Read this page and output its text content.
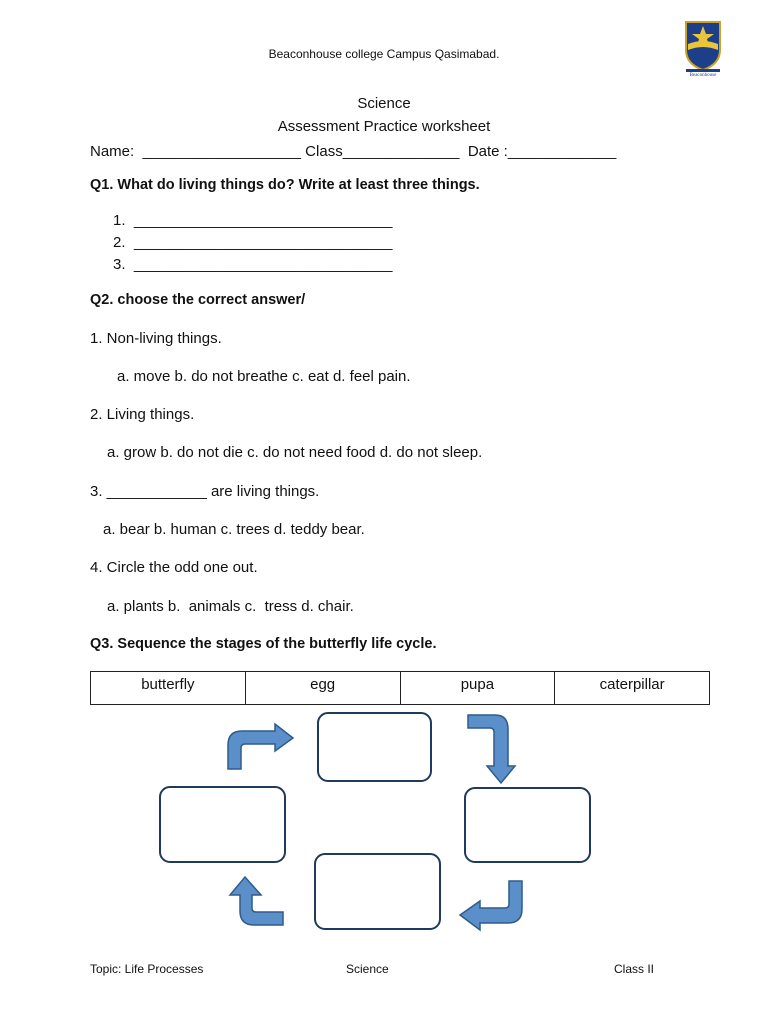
Beaconhouse college Campus Qasimabad.
Beaconhouse
Science
Assessment Practice worksheet
Name:  ___________________ Class______________  Date :_____________
Q1. What do living things do? Write at least three things.
1.  _______________________________
2.  _______________________________
3.  _______________________________
Q2. choose the correct answer/
1. Non-living things.
a. move b. do not breathe c. eat d. feel pain.
2. Living things.
a. grow b. do not die c. do not need food d. do not sleep.
3. ____________ are living things.
a. bear b. human c. trees d. teddy bear.
4. Circle the odd one out.
a. plants b.  animals c.  tress d. chair.
Q3. Sequence the stages of the butterfly life cycle.
butterfly	egg	pupa	caterpillar
Topic: Life Processes	Science	Class II
